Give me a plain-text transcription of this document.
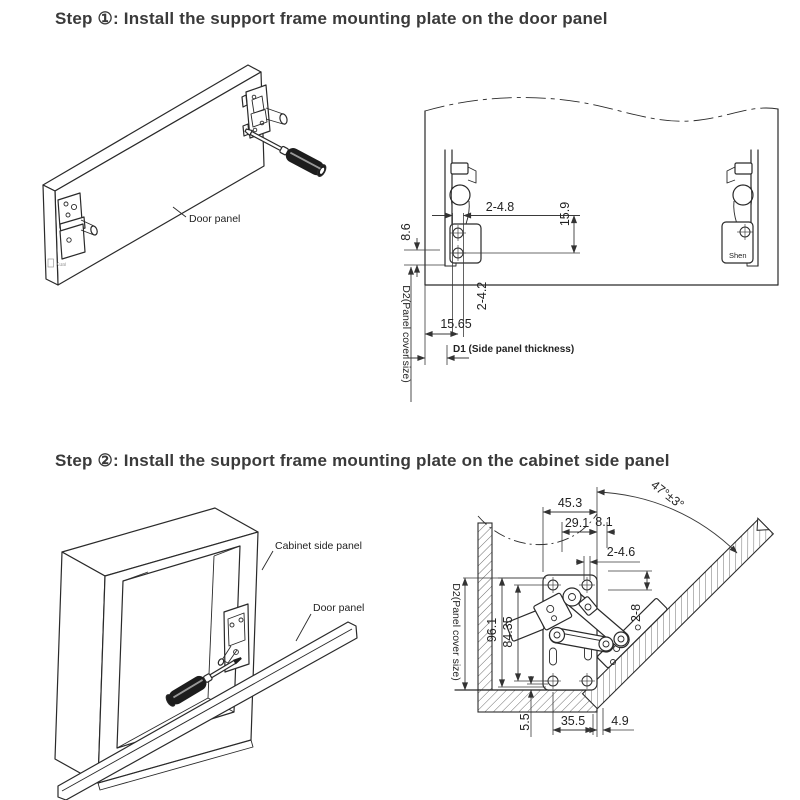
Step ①: Install the support frame mounting plate on the door panel
Step ②: Install the support frame mounting plate on the cabinet side panel
Door panel
Kuai
Shen
2-4.8	15.9
8.6
D2(Panel cover size)	2-4.2
15.65
D1 (Side panel thickness)
Cabinet side panel
Door panel
45.3
29.1 8.1
2-4.6
47°±3°
2-8
96.1 84.35
5.5 35.5 4.9
D2(Panel cover size)
